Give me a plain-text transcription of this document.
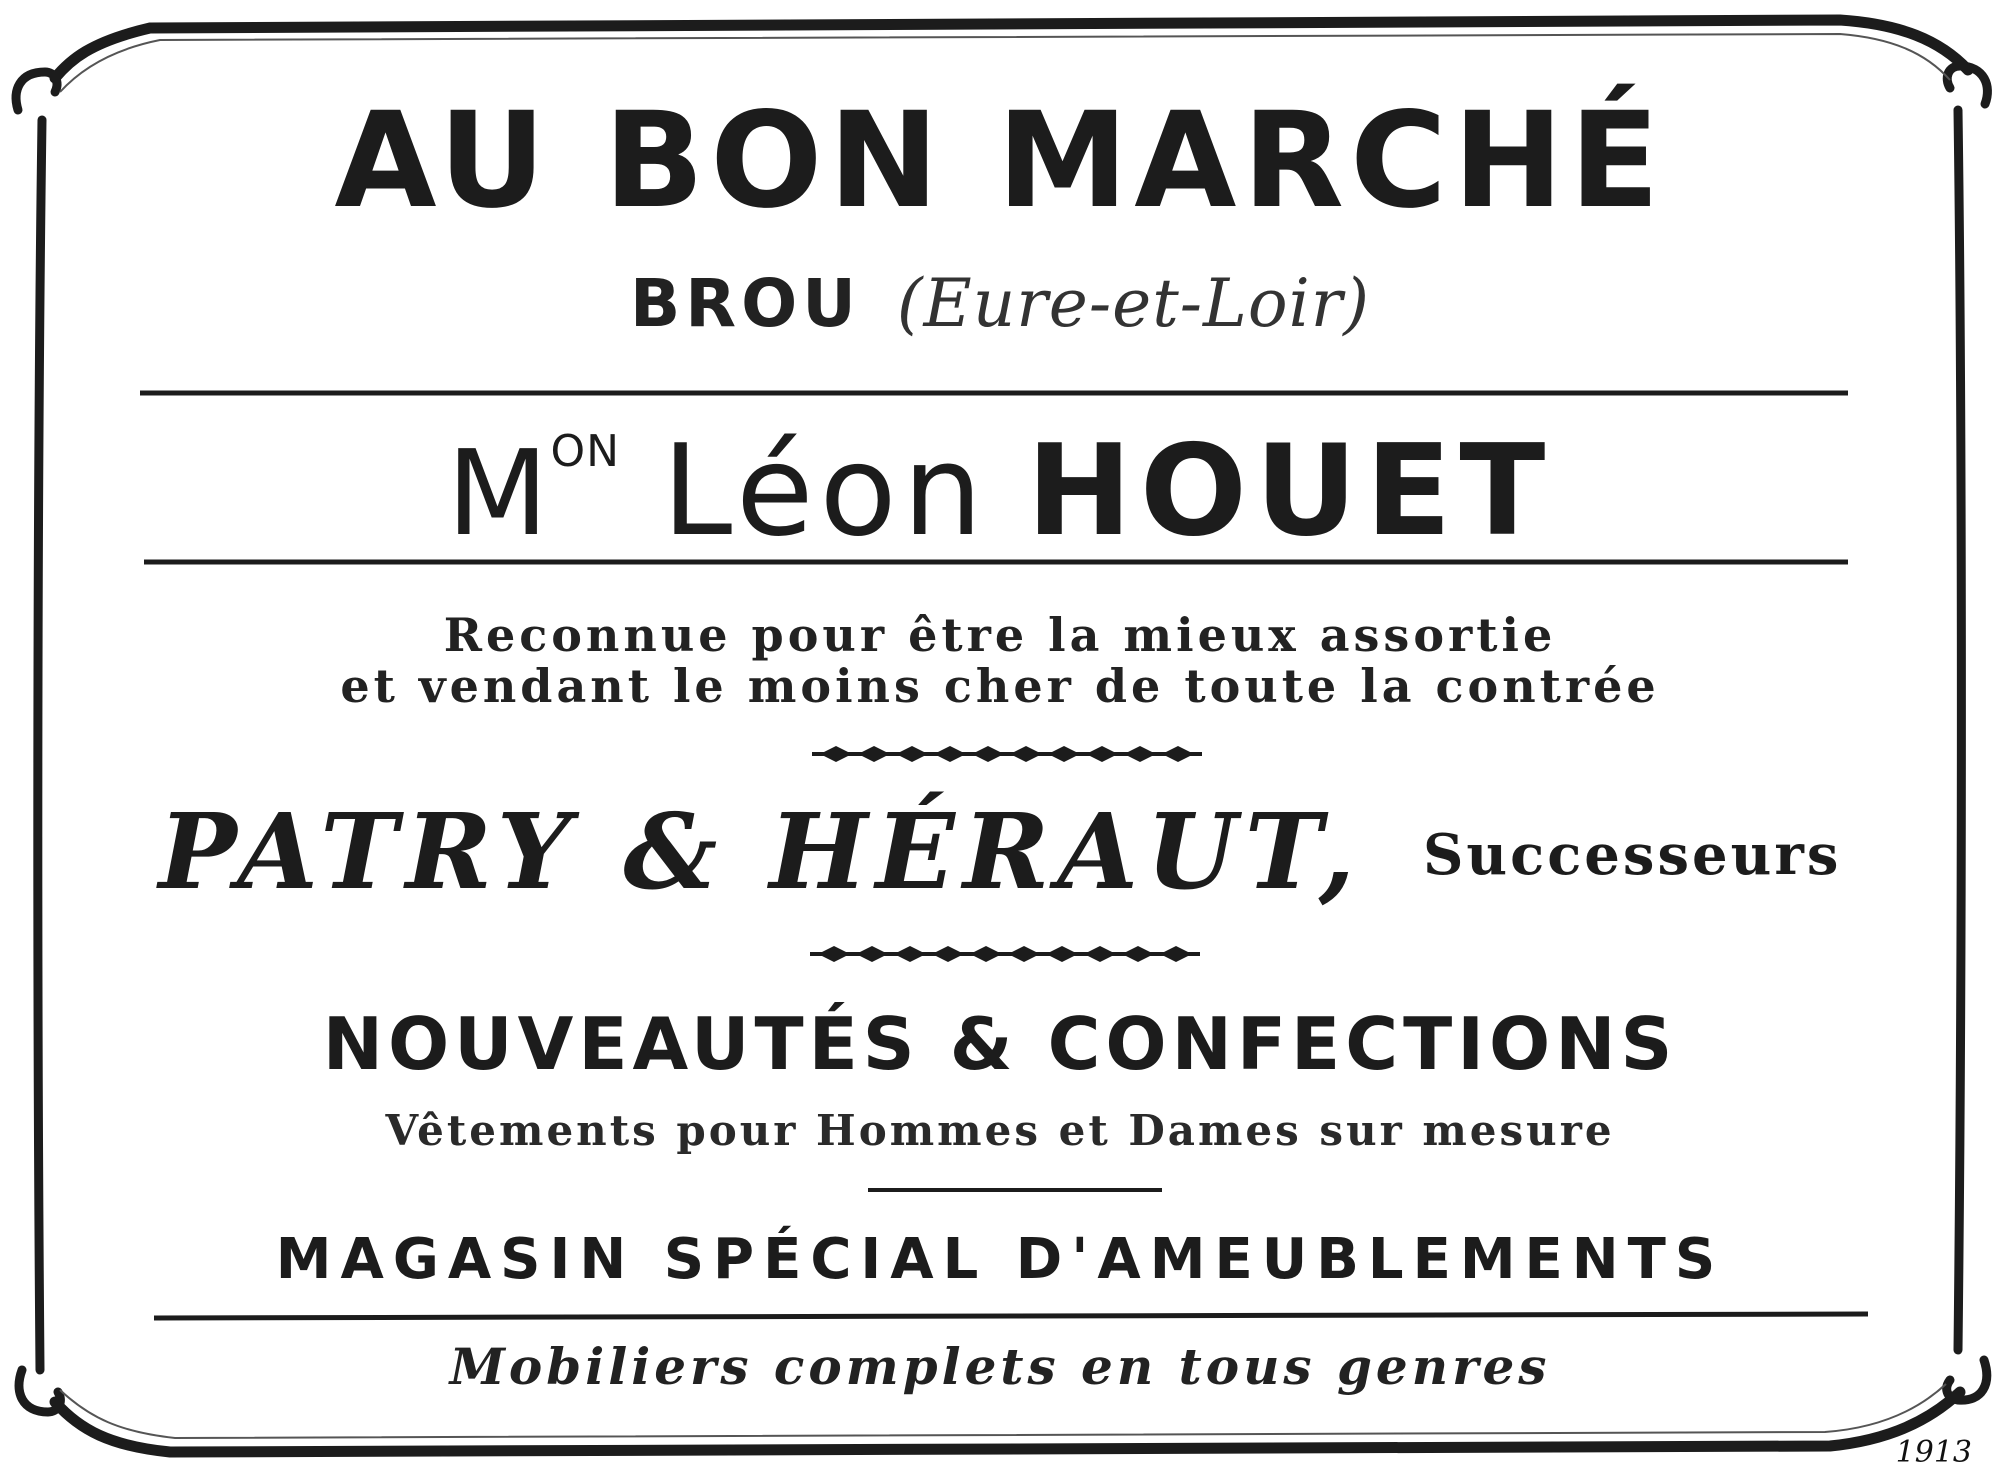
AU BON MARCHÉ
BROU (Eure-et-Loir)
MON Léon HOUET
Reconnue pour être la mieux assortie
et vendant le moins cher de toute la contrée
PATRY & HÉRAUT, Successeurs
NOUVEAUTÉS & CONFECTIONS
Vêtements pour Hommes et Dames sur mesure
MAGASIN SPÉCIAL D'AMEUBLEMENTS
Mobiliers complets en tous genres
1913
